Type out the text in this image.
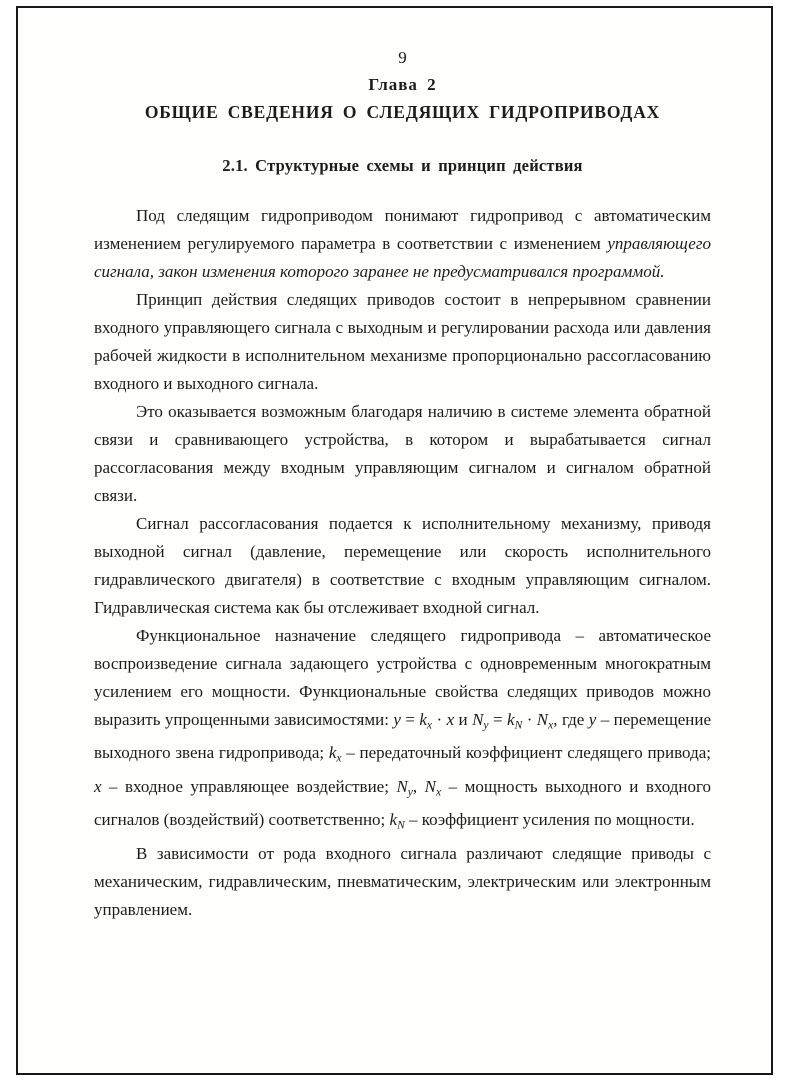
9
Глава 2
ОБЩИЕ СВЕДЕНИЯ О СЛЕДЯЩИХ ГИДРОПРИВОДАХ
2.1. Структурные схемы и принцип действия

Под следящим гидроприводом понимают гидропривод с автоматическим изменением регулируемого параметра в соответствии с изменением управляющего сигнала, закон изменения которого заранее не предусматривался программой.

Принцип действия следящих приводов состоит в непрерывном сравнении входного управляющего сигнала с выходным и регулировании расхода или давления рабочей жидкости в исполнительном механизме пропорционально рассогласованию входного и выходного сигнала.

Это оказывается возможным благодаря наличию в системе элемента обратной связи и сравнивающего устройства, в котором и вырабатывается сигнал рассогласования между входным управляющим сигналом и сигналом обратной связи.

Сигнал рассогласования подается к исполнительному механизму, приводя выходной сигнал (давление, перемещение или скорость исполнительного гидравлического двигателя) в соответствие с входным управляющим сигналом. Гидравлическая система как бы отслеживает входной сигнал.

Функциональное назначение следящего гидропривода – автоматическое воспроизведение сигнала задающего устройства с одновременным многократным усилением его мощности. Функциональные свойства следящих приводов можно выразить упрощенными зависимостями: $y = k_x \cdot x$ и $N_y = k_N \cdot N_x$, где y – перемещение выходного звена гидропривода; $k_x$ – передаточный коэффициент следящего привода; x – входное управляющее воздействие; $N_y$, $N_x$ – мощность выходного и входного сигналов (воздействий) соответственно; $k_N$ – коэффициент усиления по мощности.

В зависимости от рода входного сигнала различают следящие приводы с механическим, гидравлическим, пневматическим, электрическим или электронным управлением.
